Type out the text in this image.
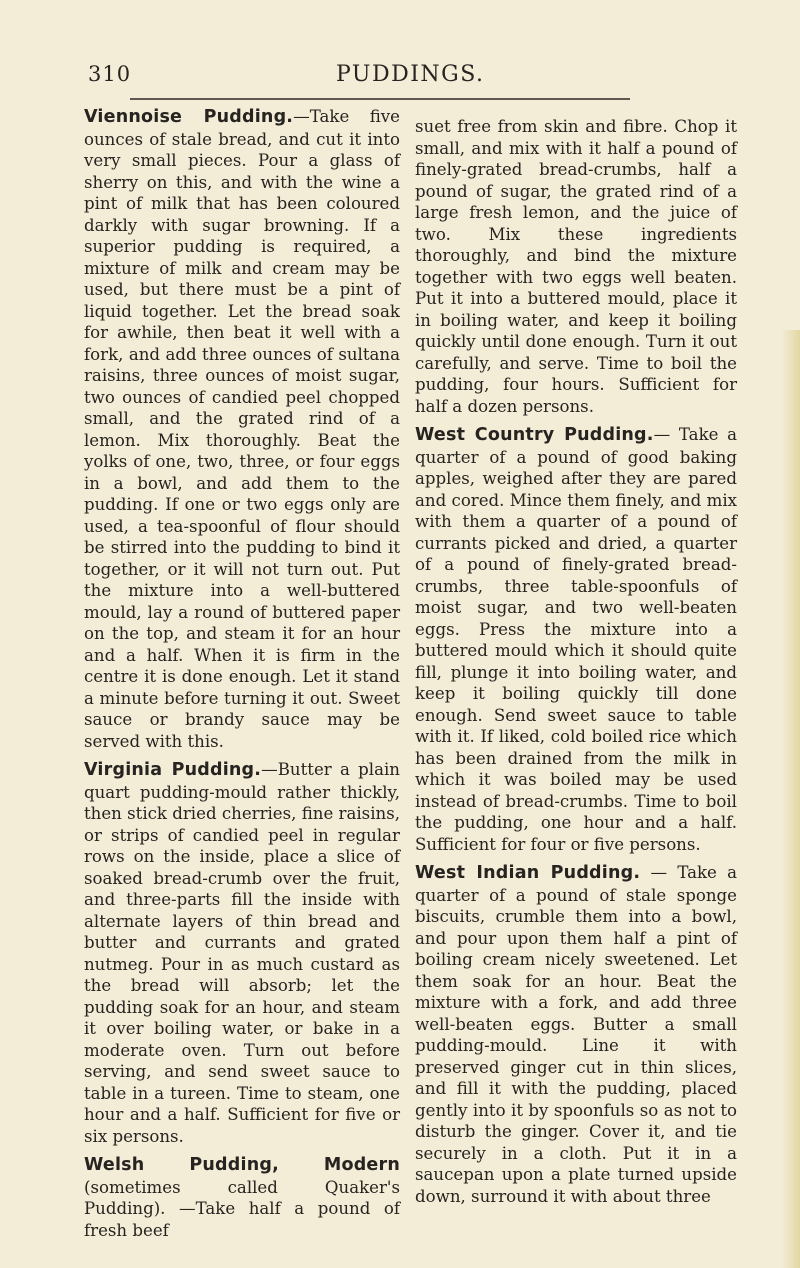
310	PUDDINGS.

Viennoise Pudding.—Take five ounces of stale bread, and cut it into very small pieces. Pour a glass of sherry on this, and with the wine a pint of milk that has been coloured darkly with sugar browning. If a superior pudding is required, a mixture of milk and cream may be used, but there must be a pint of liquid together. Let the bread soak for awhile, then beat it well with a fork, and add three ounces of sultana raisins, three ounces of moist sugar, two ounces of candied peel chopped small, and the grated rind of a lemon. Mix thoroughly. Beat the yolks of one, two, three, or four eggs in a bowl, and add them to the pudding. If one or two eggs only are used, a tea-spoonful of flour should be stirred into the pudding to bind it together, or it will not turn out. Put the mixture into a well-buttered mould, lay a round of buttered paper on the top, and steam it for an hour and a half. When it is firm in the centre it is done enough. Let it stand a minute before turning it out. Sweet sauce or brandy sauce may be served with this.

Virginia Pudding.—Butter a plain quart pudding-mould rather thickly, then stick dried cherries, fine raisins, or strips of candied peel in regular rows on the inside, place a slice of soaked bread-crumb over the fruit, and three-parts fill the inside with alternate layers of thin bread and butter and currants and grated nutmeg. Pour in as much custard as the bread will absorb; let the pudding soak for an hour, and steam it over boiling water, or bake in a moderate oven. Turn out before serving, and send sweet sauce to table in a tureen. Time to steam, one hour and a half. Sufficient for five or six persons.

Welsh Pudding, Modern (sometimes called Quaker's Pudding). —Take half a pound of fresh beef

suet free from skin and fibre. Chop it small, and mix with it half a pound of finely-grated bread-crumbs, half a pound of sugar, the grated rind of a large fresh lemon, and the juice of two. Mix these ingredients thoroughly, and bind the mixture together with two eggs well beaten. Put it into a buttered mould, place it in boiling water, and keep it boiling quickly until done enough. Turn it out carefully, and serve. Time to boil the pudding, four hours. Sufficient for half a dozen persons.

West Country Pudding.— Take a quarter of a pound of good baking apples, weighed after they are pared and cored. Mince them finely, and mix with them a quarter of a pound of currants picked and dried, a quarter of a pound of finely-grated bread-crumbs, three table-spoonfuls of moist sugar, and two well-beaten eggs. Press the mixture into a buttered mould which it should quite fill, plunge it into boiling water, and keep it boiling quickly till done enough. Send sweet sauce to table with it. If liked, cold boiled rice which has been drained from the milk in which it was boiled may be used instead of bread-crumbs. Time to boil the pudding, one hour and a half. Sufficient for four or five persons.

West Indian Pudding. — Take a quarter of a pound of stale sponge biscuits, crumble them into a bowl, and pour upon them half a pint of boiling cream nicely sweetened. Let them soak for an hour. Beat the mixture with a fork, and add three well-beaten eggs. Butter a small pudding-mould. Line it with preserved ginger cut in thin slices, and fill it with the pudding, placed gently into it by spoonfuls so as not to disturb the ginger. Cover it, and tie securely in a cloth. Put it in a saucepan upon a plate turned upside down, surround it with about three
